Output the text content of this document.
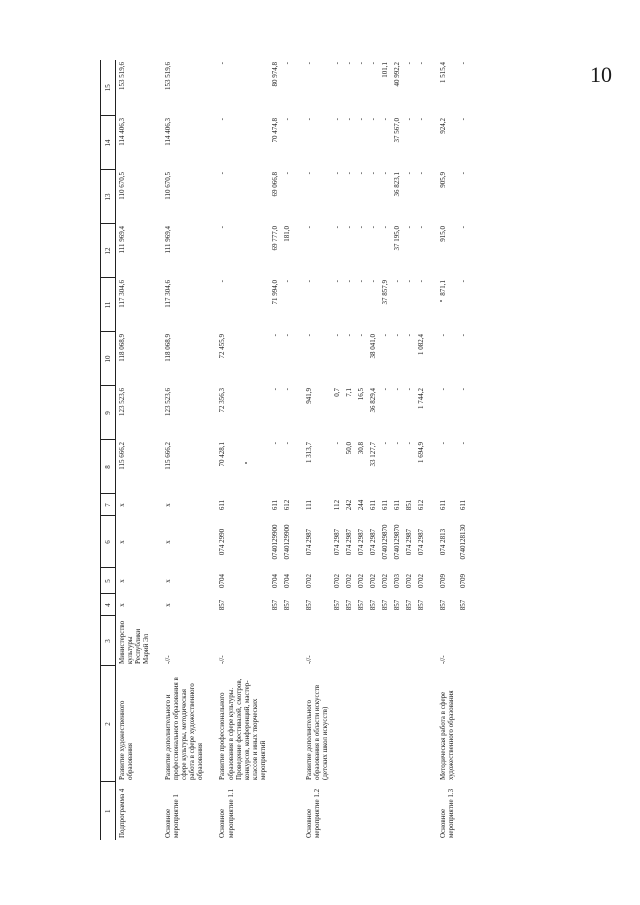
10
1	2	3	4	5	6	7	8	9	10	11	12	13	14	15
Подпрограмма 4	Развитие художественного образования	Министерство культуры Республики Марий Эл	х	х	х	х	115 666,2	123 523,6	118 068,9	117 304,6	111 969,4	110 670,5	114 406,3	153 519,6
Основное мероприятие 1	Развитие дополнительного и профессионального образования в сфере культуры, методическая работа в сфере художественного образования	-//-	х	х	х	х	115 666,2	123 523,6	118 068,9	117 304,6	111 969,4	110 670,5	114 406,3	153 519,6
Основное мероприятие 1.1	Развитие профессионального образования в сфере культуры. Проведение фестивалей, смотров, конкурсов, конференций, мастер-классов и иных творческих мероприятий	-//-	857	0704	074 2990	611	70 428,1	72 356,3	72 455,9	-	-	-	-	-
			857	0704	0740129900	611	-	-	-	71 994,0	69 777,0	69 066,8	70 474,8	80 974,8
			857	0704	0740129900	612	-	-	-	-	181,0	-	-	-
Основное мероприятие 1.2	Развитие дополнительного образования в области искусств (детских школ искусств)	-//-	857	0702	074 2987	111	1 313,7	941,9	-	-	-	-	-	-
			857	0702	074 2987	112	-	0,7	-	-	-	-	-	-
			857	0702	074 2987	242	50,0	7,1	-	-	-	-	-	-
			857	0702	074 2987	244	30,8	16,5	-	-	-	-	-	-
			857	0702	074 2987	611	33 127,7	36 829,4	38 041,0	-	-	-	-	-
			857	0702	0740129870	611	-	-	-	37 857,9	-	-	-	101,1
			857	0703	0740129870	611	-	-	-	-	37 195,0	36 823,1	37 567,0	40 992,2
			857	0702	074 2987	851	-	-	-	-	-	-	-	-
			857	0702	074 2987	612	1 694,9	1 744,2	1 082,4	-	-	-	-	-
Основное мероприятие 1.3	Методическая работа в сфере художественного образования	-//-	857	0709	074 2813	611	-	-	-	871,1	915,0	905,9	924,2	1 515,4
			857	0709	0740128130	611	-	-	-	-	-	-	-	-
